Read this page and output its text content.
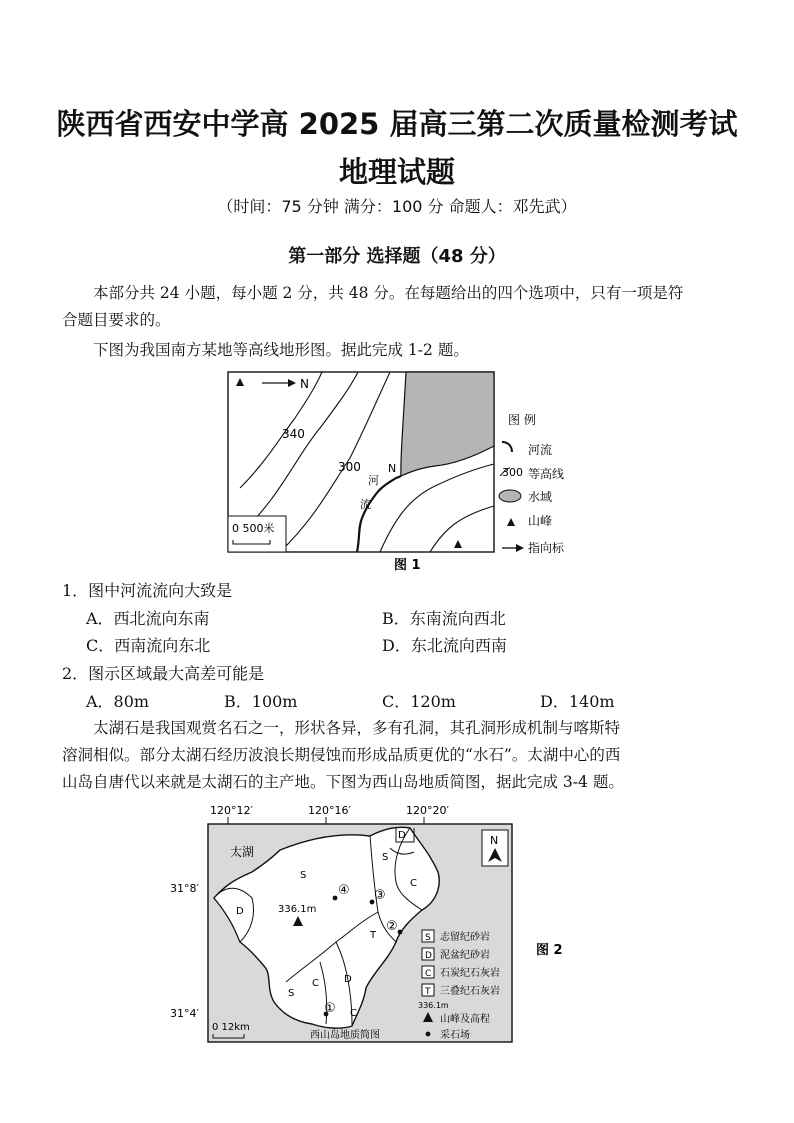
陕西省西安中学高 2025 届高三第二次质量检测考试
地理试题
（时间：75 分钟 满分：100 分 命题人：邓先武）
第一部分 选择题（48 分）
本部分共 24 小题，每小题 2 分，共 48 分。在每题给出的四个选项中，只有一项是符
合题目要求的。
下图为我国南方某地等高线地形图。据此完成 1-2 题。
N
340
300
河
流
N
0 500米
图 例
河流
300 等高线
水域
山峰
指向标
图 1
1．图中河流流向大致是
A．西北流向东南	B．东南流向西北
C．西南流向东北	D．东北流向西南
2．图示区域最大高差可能是
A．80m	B．100m	C．120m	D．140m
太湖石是我国观赏名石之一，形状各异，多有孔洞，其孔洞形成机制与喀斯特
溶洞相似。部分太湖石经历波浪长期侵蚀而形成品质更优的“水石”。太湖中心的西
山岛自唐代以来就是太湖石的主产地。下图为西山岛地质简图，据此完成 3-4 题。
120°12′	120°16′	120°20′
31°8′
31°4′
太湖
N
D
S
S
C
T
S
C	D
D
C
336.1m
④ ③
②
①
0 12km
西山岛地质简图
S 志留纪砂岩
D 泥盆纪砂岩
C 石炭纪石灰岩
T 三叠纪石灰岩
336.1m
山峰及高程
采石场
图 2
